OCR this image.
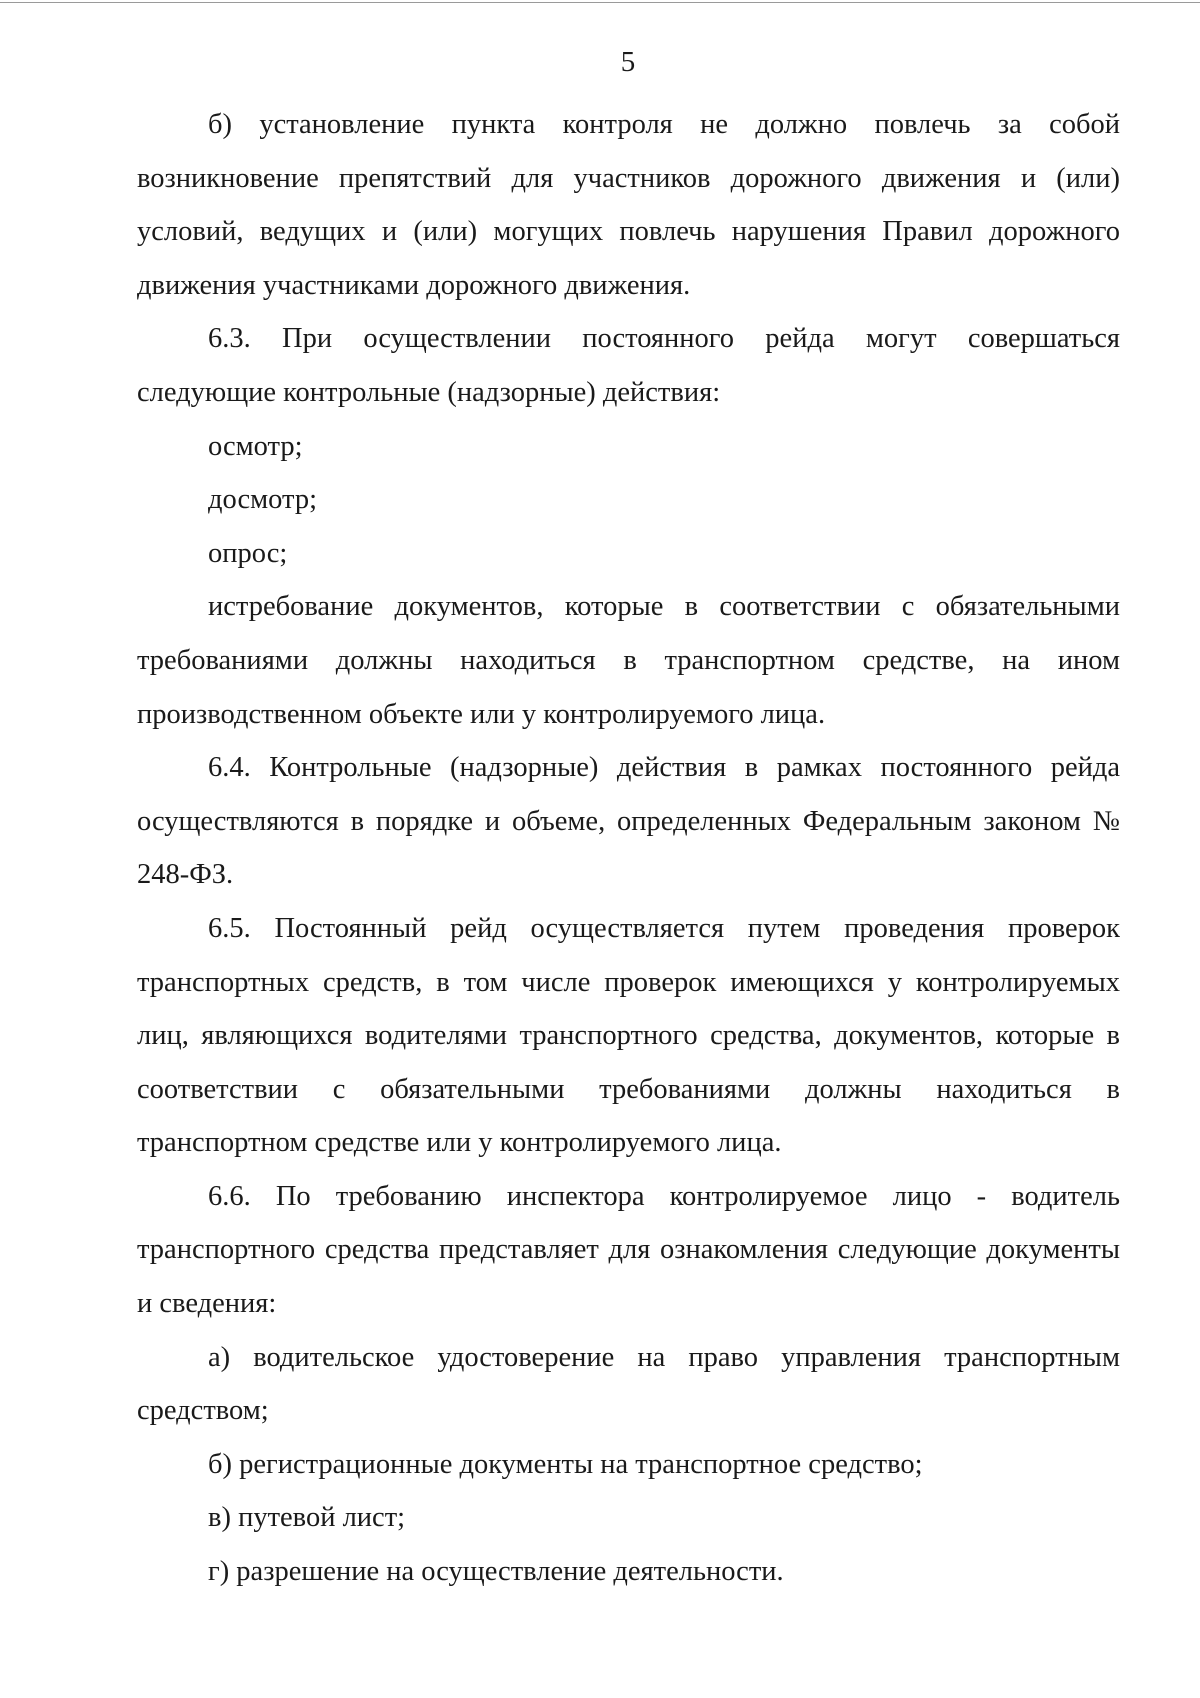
5

б) установление пункта контроля не должно повлечь за собой возникновение препятствий для участников дорожного движения и (или) условий, ведущих и (или) могущих повлечь нарушения Правил дорожного движения участниками дорожного движения.

6.3. При осуществлении постоянного рейда могут совершаться следующие контрольные (надзорные) действия:

осмотр;

досмотр;

опрос;

истребование документов, которые в соответствии с обязательными требованиями должны находиться в транспортном средстве, на ином производственном объекте или у контролируемого лица.

6.4. Контрольные (надзорные) действия в рамках постоянного рейда осуществляются в порядке и объеме, определенных Федеральным законом № 248-ФЗ.

6.5. Постоянный рейд осуществляется путем проведения проверок транспортных средств, в том числе проверок имеющихся у контролируемых лиц, являющихся водителями транспортного средства, документов, которые в соответствии с обязательными требованиями должны находиться в транспортном средстве или у контролируемого лица.

6.6. По требованию инспектора контролируемое лицо - водитель транспортного средства представляет для ознакомления следующие документы и сведения:

а) водительское удостоверение на право управления транспортным средством;

б) регистрационные документы на транспортное средство;

в) путевой лист;

г) разрешение на осуществление деятельности.
